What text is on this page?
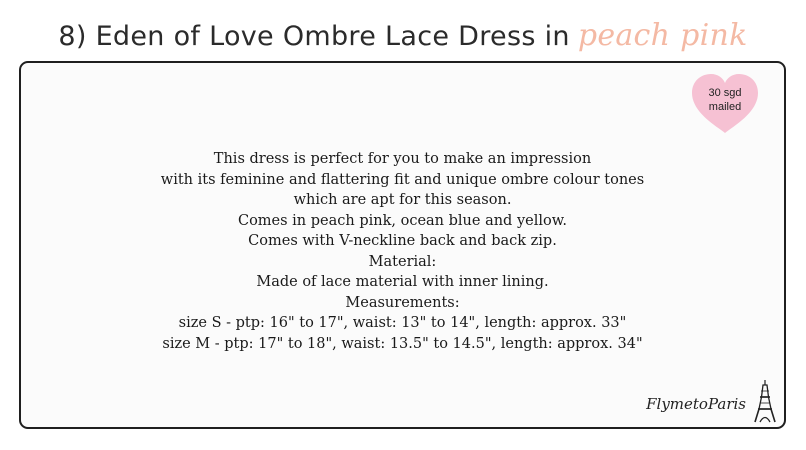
8) Eden of Love Ombre Lace Dress in peach pink
30 sgd
mailed
This dress is perfect for you to make an impression
with its feminine and flattering fit and unique ombre colour tones
which are apt for this season.
Comes in peach pink, ocean blue and yellow.
Comes with V-neckline back and back zip.
Material:
Made of lace material with inner lining.
Measurements:
size S - ptp: 16" to 17", waist: 13" to 14", length: approx. 33"
size M - ptp: 17" to 18", waist: 13.5" to 14.5", length: approx. 34"
FlymetoParis
